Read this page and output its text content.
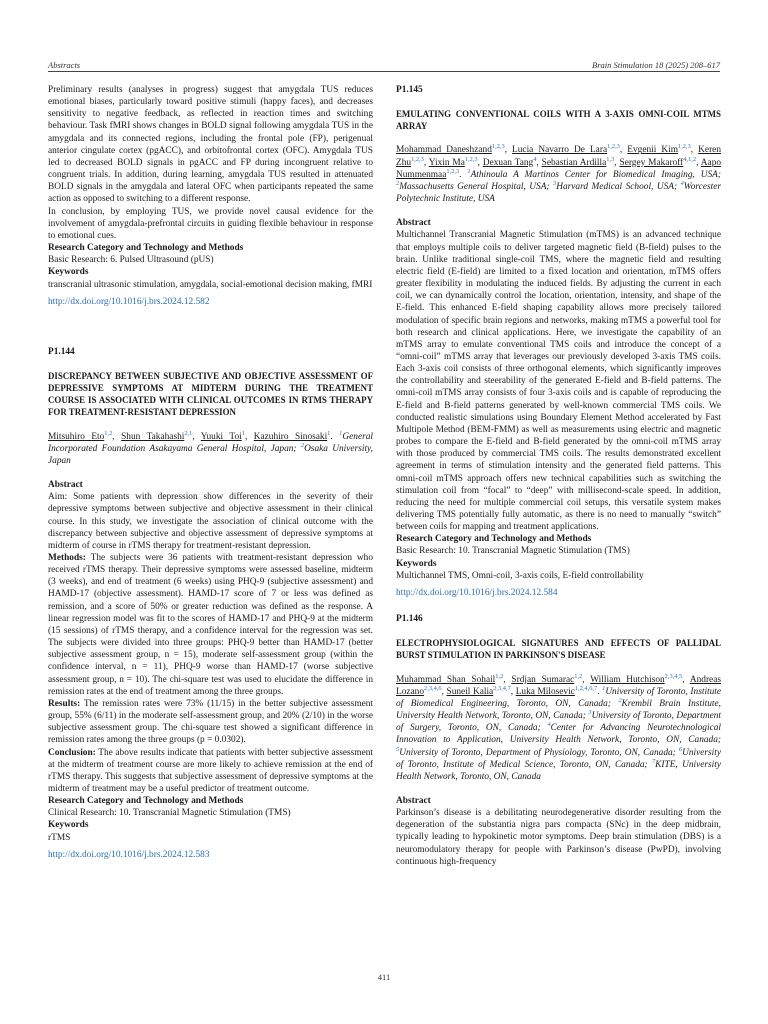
Abstracts	Brain Stimulation 18 (2025) 208–617

Preliminary results (analyses in progress) suggest that amygdala TUS reduces emotional biases, particularly toward positive stimuli (happy faces), and decreases sensitivity to negative feedback, as reflected in reaction times and switching behaviour. Task fMRI shows changes in BOLD signal following amygdala TUS in the amygdala and its connected regions, including the frontal pole (FP), perigenual anterior cingulate cortex (pgACC), and orbitofrontal cortex (OFC). Amygdala TUS led to decreased BOLD signals in pgACC and FP during incongruent relative to congruent trials. In addition, during learning, amygdala TUS resulted in attenuated BOLD signals in the amygdala and lateral OFC when participants repeated the same action as opposed to switching to a different response.

In conclusion, by employing TUS, we provide novel causal evidence for the involvement of amygdala-prefrontal circuits in guiding flexible behaviour in response to emotional cues.

Research Category and Technology and Methods

Basic Research: 6. Pulsed Ultrasound (pUS)

Keywords

transcranial ultrasonic stimulation, amygdala, social-emotional decision making, fMRI

http://dx.doi.org/10.1016/j.brs.2024.12.582

P1.144

DISCREPANCY BETWEEN SUBJECTIVE AND OBJECTIVE ASSESSMENT OF DEPRESSIVE SYMPTOMS AT MIDTERM DURING THE TREATMENT COURSE IS ASSOCIATED WITH CLINICAL OUTCOMES IN RTMS THERAPY FOR TREATMENT-RESISTANT DEPRESSION

Mitsuhiro Eto$^{1,2}$, Shun Takahashi$^{2,1}$, Yuuki Toi$^1$, Kazuhiro Sinosaki$^1$. $^1$General Incorporated Foundation Asakayama General Hospital, Japan; $^2$Osaka University, Japan

Abstract

Aim: Some patients with depression show differences in the severity of their depressive symptoms between subjective and objective assessment in their clinical course. In this study, we investigate the association of clinical outcome with the discrepancy between subjective and objective assessment of depressive symptoms at midterm of course in rTMS therapy for treatment-resistant depression.

Methods: The subjects were 36 patients with treatment-resistant depression who received rTMS therapy. Their depressive symptoms were assessed baseline, midterm (3 weeks), and end of treatment (6 weeks) using PHQ-9 (subjective assessment) and HAMD-17 (objective assessment). HAMD-17 score of 7 or less was defined as remission, and a score of 50% or greater reduction was defined as the response. A linear regression model was fit to the scores of HAMD-17 and PHQ-9 at the midterm (15 sessions) of rTMS therapy, and a confidence interval for the regression was set. The subjects were divided into three groups: PHQ-9 better than HAMD-17 (better subjective assessment group, n = 15), moderate self-assessment group (within the confidence interval, n = 11), PHQ-9 worse than HAMD-17 (worse subjective assessment group, n = 10). The chi-square test was used to elucidate the difference in remission rates at the end of treatment among the three groups.

Results: The remission rates were 73% (11/15) in the better subjective assessment group, 55% (6/11) in the moderate self-assessment group, and 20% (2/10) in the worse subjective assessment group. The chi-square test showed a significant difference in remission rates among the three groups (p = 0.0302).

Conclusion: The above results indicate that patients with better subjective assessment at the midterm of treatment course are more likely to achieve remission at the end of rTMS therapy. This suggests that subjective assessment of depressive symptoms at the midterm of treatment may be a useful predictor of treatment outcome.

Research Category and Technology and Methods

Clinical Research: 10. Transcranial Magnetic Stimulation (TMS)

Keywords

rTMS

http://dx.doi.org/10.1016/j.brs.2024.12.583

P1.145

EMULATING CONVENTIONAL COILS WITH A 3-AXIS OMNI-COIL MTMS ARRAY

Mohammad Daneshzand$^{1,2,3}$, Lucia Navarro De Lara$^{1,2,3}$, Evgenii Kim$^{1,2,3}$, Keren Zhu$^{1,2,3}$, Yixin Ma$^{1,2,3}$, Dexuan Tang$^4$, Sebastian Ardilla$^{1,3}$, Sergey Makaroff$^{4,1,2}$, Aapo Nummenmaa$^{1,2,3}$. $^1$Athinoula A Martinos Center for Biomedical Imaging, USA; $^2$Massachusetts General Hospital, USA; $^3$Harvard Medical School, USA; $^4$Worcester Polytechnic Institute, USA

Abstract

Multichannel Transcranial Magnetic Stimulation (mTMS) is an advanced technique that employs multiple coils to deliver targeted magnetic field (B-field) pulses to the brain. Unlike traditional single-coil TMS, where the magnetic field and resulting electric field (E-field) are limited to a fixed location and orientation, mTMS offers greater flexibility in modulating the induced fields. By adjusting the current in each coil, we can dynamically control the location, orientation, intensity, and shape of the E-field. This enhanced E-field shaping capability allows more precisely tailored modulation of specific brain regions and networks, making mTMS a powerful tool for both research and clinical applications. Here, we investigate the capability of an mTMS array to emulate conventional TMS coils and introduce the concept of a “omni-coil” mTMS array that leverages our previously developed 3-axis TMS coils. Each 3-axis coil consists of three orthogonal elements, which significantly improves the controllability and steerability of the generated E-field and B-field patterns. The omni-coil mTMS array consists of four 3-axis coils and is capable of reproducing the E-field and B-field patterns generated by well-known commercial TMS coils. We conducted realistic simulations using Boundary Element Method accelerated by Fast Multipole Method (BEM-FMM) as well as measurements using electric and magnetic probes to compare the E-field and B-field generated by the omni-coil mTMS array with those produced by commercial TMS coils. The results demonstrated excellent agreement in terms of stimulation intensity and the generated field patterns. This omni-coil mTMS approach offers new technical capabilities such as switching the stimulation coil from “focal” to “deep” with millisecond-scale speed. In addition, reducing the need for multiple commercial coil setups, this versatile system makes delivering TMS potentially fully automatic, as there is no need to manually “switch” between coils for mapping and treatment applications.

Research Category and Technology and Methods

Basic Research: 10. Transcranial Magnetic Stimulation (TMS)

Keywords

Multichannel TMS, Omni-coil, 3-axis coils, E-field controllability

http://dx.doi.org/10.1016/j.brs.2024.12.584

P1.146

ELECTROPHYSIOLOGICAL SIGNATURES AND EFFECTS OF PALLIDAL BURST STIMULATION IN PARKINSON'S DISEASE

Muhammad Shan Sohail$^{1,2}$, Srdjan Sumarac$^{1,2}$, William Hutchison$^{2,3,4,5}$, Andreas Lozano$^{2,3,4,6}$, Suneil Kalia$^{2,3,4,7}$, Luka Milosevic$^{1,2,4,6,7}$. $^1$University of Toronto, Institute of Biomedical Engineering, Toronto, ON, Canada; $^2$Krembil Brain Institute, University Health Network, Toronto, ON, Canada; $^3$University of Toronto, Department of Surgery, Toronto, ON, Canada; $^4$Center for Advancing Neurotechnological Innovation to Application, University Health Network, Toronto, ON, Canada; $^5$University of Toronto, Department of Physiology, Toronto, ON, Canada; $^6$University of Toronto, Institute of Medical Science, Toronto, ON, Canada; $^7$KITE, University Health Network, Toronto, ON, Canada

Abstract

Parkinson’s disease is a debilitating neurodegenerative disorder resulting from the degeneration of the substantia nigra pars compacta (SNc) in the deep midbrain, typically leading to hypokinetic motor symptoms. Deep brain stimulation (DBS) is a neuromodulatory therapy for people with Parkinson’s disease (PwPD), involving continuous high-frequency

411
